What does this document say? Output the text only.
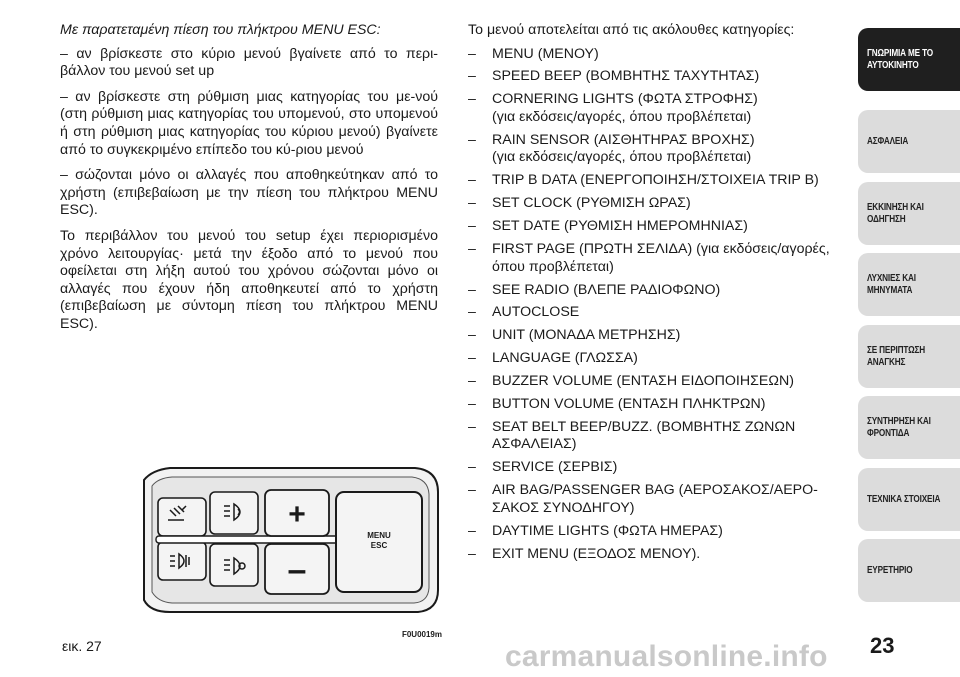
Με παρατεταμένη πίεση του πλήκτρου MENU ESC:

– αν βρίσκεστε στο κύριο μενού βγαίνετε από το περι-βάλλον του μενού set up

– αν βρίσκεστε στη ρύθμιση μιας κατηγορίας του με-νού (στη ρύθμιση μιας κατηγορίας του υπομενού, στο υπομενού ή στη ρύθμιση μιας κατηγορίας του κύριου μενού) βγαίνετε από το συγκεκριμένο επίπεδο του κύ-ριου μενού

– σώζονται μόνο οι αλλαγές που αποθηκεύτηκαν από το χρήστη (επιβεβαίωση με την πίεση του πλήκτρου MENU ESC).

Το περιβάλλον του μενού του setup έχει περιορισμένο χρόνο λειτουργίας· μετά την έξοδο από το μενού που οφείλεται στη λήξη αυτού του χρόνου σώζονται μόνο οι αλλαγές που έχουν ήδη αποθηκευτεί από το χρήστη (επιβεβαίωση με σύντομη πίεση του πλήκτρου MENU ESC).

Το μενού αποτελείται από τις ακόλουθες κατηγορίες:

– MENU (ΜΕΝΟΥ)
– SPEED BEEP (ΒΟΜΒΗΤΗΣ ΤΑΧΥΤΗΤΑΣ)
– CORNERING LIGHTS (ΦΩΤΑ ΣΤΡΟΦΗΣ)
(για εκδόσεις/αγορές, όπου προβλέπεται)
– RAIN SENSOR (ΑΙΣΘΗΤΗΡΑΣ ΒΡΟΧΗΣ)
(για εκδόσεις/αγορές, όπου προβλέπεται)
– TRIP B DATA (ΕΝΕΡΓΟΠΟΙΗΣΗ/ΣΤΟΙΧΕΙΑ TRIP B)
– SET CLOCK (ΡΥΘΜΙΣΗ ΩΡΑΣ)
– SET DATE (ΡΥΘΜΙΣΗ ΗΜΕΡΟΜΗΝΙΑΣ)
– FIRST PAGE (ΠΡΩΤΗ ΣΕΛΙΔΑ) (για εκδόσεις/αγορές,
όπου προβλέπεται)
– SEE RADIO (ΒΛΕΠΕ ΡΑΔΙΟΦΩΝΟ)
– AUTOCLOSE
– UNIT (ΜΟΝΑΔΑ ΜΕΤΡΗΣΗΣ)
– LANGUAGE (ΓΛΩΣΣΑ)
– BUZZER VOLUME (ΕΝΤΑΣΗ ΕΙΔΟΠΟΙΗΣΕΩΝ)
– BUTTON VOLUME (ΕΝΤΑΣΗ ΠΛΗΚΤΡΩΝ)
– SEAT BELT BEEP/BUZZ. (ΒΟΜΒΗΤΗΣ ΖΩΝΩΝ
ΑΣΦΑΛΕΙΑΣ)
– SERVICE (ΣΕΡΒΙΣ)
– AIR BAG/PASSENGER BAG (ΑΕΡΟΣΑΚΟΣ/ΑΕΡΟ-
ΣΑΚΟΣ ΣΥΝΟΔΗΓΟΥ)
– DAYTIME LIGHTS (ΦΩΤΑ ΗΜΕΡΑΣ)
– EXIT MENU (ΕΞΟΔΟΣ ΜΕΝΟΥ).
+
–
MENU
ESC
εικ. 27
F0U0019m
ΓΝΩΡΙΜΙΑ ΜΕ ΤΟ
ΑΥΤΟΚΙΝΗΤΟ
ΑΣΦΑΛΕΙΑ
ΕΚΚΙΝΗΣΗ ΚΑΙ
ΟΔΗΓΗΣΗ
ΛΥΧΝΙΕΣ ΚΑΙ
ΜΗΝΥΜΑΤΑ
ΣΕ ΠΕΡΙΠΤΩΣΗ
ΑΝΑΓΚΗΣ
ΣΥΝΤΗΡΗΣΗ ΚΑΙ
ΦΡΟΝΤΙΔΑ
ΤΕΧΝΙΚΑ ΣΤΟΙΧΕΙΑ
ΕΥΡΕΤΗΡΙΟ
23
carmanualsonline.info
